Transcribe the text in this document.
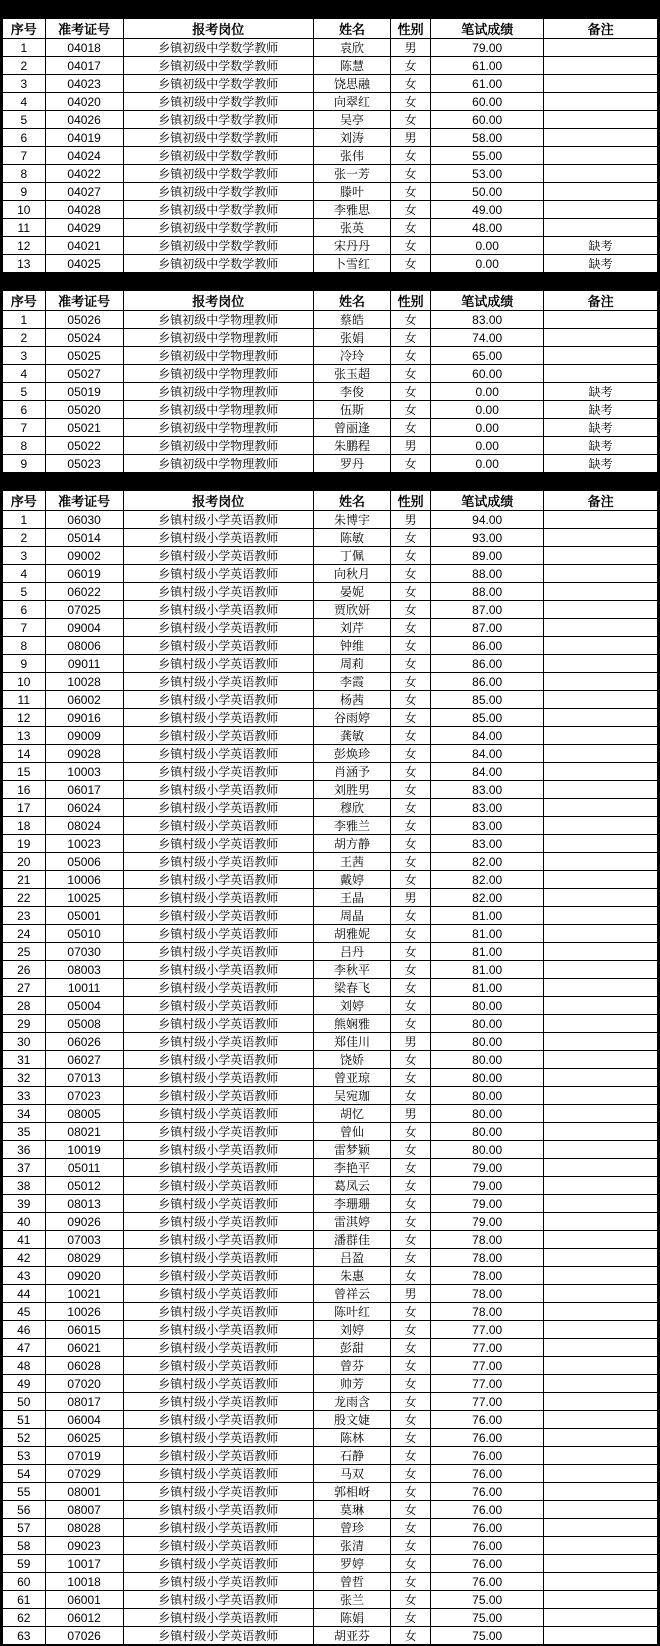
序号	准考证号	报考岗位	姓名	性别	笔试成绩	备注
1	04018	乡镇初级中学数学教师	袁欣	男	79.00	
2	04017	乡镇初级中学数学教师	陈慧	女	61.00	
3	04023	乡镇初级中学数学教师	饶思融	女	61.00	
4	04020	乡镇初级中学数学教师	向翠红	女	60.00	
5	04026	乡镇初级中学数学教师	吴亭	女	60.00	
6	04019	乡镇初级中学数学教师	刘涛	男	58.00	
7	04024	乡镇初级中学数学教师	张伟	女	55.00	
8	04022	乡镇初级中学数学教师	张一芳	女	53.00	
9	04027	乡镇初级中学数学教师	滕叶	女	50.00	
10	04028	乡镇初级中学数学教师	李雅思	女	49.00	
11	04029	乡镇初级中学数学教师	张英	女	48.00	
12	04021	乡镇初级中学数学教师	宋丹丹	女	0.00	缺考
13	04025	乡镇初级中学数学教师	卜雪红	女	0.00	缺考
序号	准考证号	报考岗位	姓名	性别	笔试成绩	备注
1	05026	乡镇初级中学物理教师	蔡皓	女	83.00	
2	05024	乡镇初级中学物理教师	张娟	女	74.00	
3	05025	乡镇初级中学物理教师	冷玲	女	65.00	
4	05027	乡镇初级中学物理教师	张玉超	女	60.00	
5	05019	乡镇初级中学物理教师	李俊	女	0.00	缺考
6	05020	乡镇初级中学物理教师	伍斯	女	0.00	缺考
7	05021	乡镇初级中学物理教师	曾丽逢	女	0.00	缺考
8	05022	乡镇初级中学物理教师	朱鹏程	男	0.00	缺考
9	05023	乡镇初级中学物理教师	罗丹	女	0.00	缺考
序号	准考证号	报考岗位	姓名	性别	笔试成绩	备注
1	06030	乡镇村级小学英语教师	朱博宇	男	94.00	
2	05014	乡镇村级小学英语教师	陈敏	女	93.00	
3	09002	乡镇村级小学英语教师	丁佩	女	89.00	
4	06019	乡镇村级小学英语教师	向秋月	女	88.00	
5	06022	乡镇村级小学英语教师	晏妮	女	88.00	
6	07025	乡镇村级小学英语教师	贾欣妍	女	87.00	
7	09004	乡镇村级小学英语教师	刘芹	女	87.00	
8	08006	乡镇村级小学英语教师	钟维	女	86.00	
9	09011	乡镇村级小学英语教师	周莉	女	86.00	
10	10028	乡镇村级小学英语教师	李霞	女	86.00	
11	06002	乡镇村级小学英语教师	杨茜	女	85.00	
12	09016	乡镇村级小学英语教师	谷雨婷	女	85.00	
13	09009	乡镇村级小学英语教师	龚敏	女	84.00	
14	09028	乡镇村级小学英语教师	彭焕珍	女	84.00	
15	10003	乡镇村级小学英语教师	肖涵予	女	84.00	
16	06017	乡镇村级小学英语教师	刘胜男	女	83.00	
17	06024	乡镇村级小学英语教师	穆欣	女	83.00	
18	08024	乡镇村级小学英语教师	李雅兰	女	83.00	
19	10023	乡镇村级小学英语教师	胡方静	女	83.00	
20	05006	乡镇村级小学英语教师	王茜	女	82.00	
21	10006	乡镇村级小学英语教师	戴婷	女	82.00	
22	10025	乡镇村级小学英语教师	王晶	男	82.00	
23	05001	乡镇村级小学英语教师	周晶	女	81.00	
24	05010	乡镇村级小学英语教师	胡雅妮	女	81.00	
25	07030	乡镇村级小学英语教师	吕丹	女	81.00	
26	08003	乡镇村级小学英语教师	李秋平	女	81.00	
27	10011	乡镇村级小学英语教师	梁春飞	女	81.00	
28	05004	乡镇村级小学英语教师	刘婷	女	80.00	
29	05008	乡镇村级小学英语教师	熊娴雅	女	80.00	
30	06026	乡镇村级小学英语教师	郑佳川	男	80.00	
31	06027	乡镇村级小学英语教师	饶娇	女	80.00	
32	07013	乡镇村级小学英语教师	曾亚琼	女	80.00	
33	07023	乡镇村级小学英语教师	吴宛珈	女	80.00	
34	08005	乡镇村级小学英语教师	胡忆	男	80.00	
35	08021	乡镇村级小学英语教师	曾仙	女	80.00	
36	10019	乡镇村级小学英语教师	雷梦颖	女	80.00	
37	05011	乡镇村级小学英语教师	李艳平	女	79.00	
38	05012	乡镇村级小学英语教师	葛凤云	女	79.00	
39	08013	乡镇村级小学英语教师	李珊珊	女	79.00	
40	09026	乡镇村级小学英语教师	雷淇婷	女	79.00	
41	07003	乡镇村级小学英语教师	潘群佳	女	78.00	
42	08029	乡镇村级小学英语教师	吕盈	女	78.00	
43	09020	乡镇村级小学英语教师	朱惠	女	78.00	
44	10021	乡镇村级小学英语教师	曾祥云	男	78.00	
45	10026	乡镇村级小学英语教师	陈叶红	女	78.00	
46	06015	乡镇村级小学英语教师	刘婷	女	77.00	
47	06021	乡镇村级小学英语教师	彭甜	女	77.00	
48	06028	乡镇村级小学英语教师	曾芬	女	77.00	
49	07020	乡镇村级小学英语教师	帅芳	女	77.00	
50	08017	乡镇村级小学英语教师	龙雨含	女	77.00	
51	06004	乡镇村级小学英语教师	殷文婕	女	76.00	
52	06025	乡镇村级小学英语教师	陈林	女	76.00	
53	07019	乡镇村级小学英语教师	石静	女	76.00	
54	07029	乡镇村级小学英语教师	马双	女	76.00	
55	08001	乡镇村级小学英语教师	郭相岈	女	76.00	
56	08007	乡镇村级小学英语教师	莫琳	女	76.00	
57	08028	乡镇村级小学英语教师	曾珍	女	76.00	
58	09023	乡镇村级小学英语教师	张清	女	76.00	
59	10017	乡镇村级小学英语教师	罗婷	女	76.00	
60	10018	乡镇村级小学英语教师	曾哲	女	76.00	
61	06001	乡镇村级小学英语教师	张兰	女	75.00	
62	06012	乡镇村级小学英语教师	陈娟	女	75.00	
63	07026	乡镇村级小学英语教师	胡亚芬	女	75.00	
